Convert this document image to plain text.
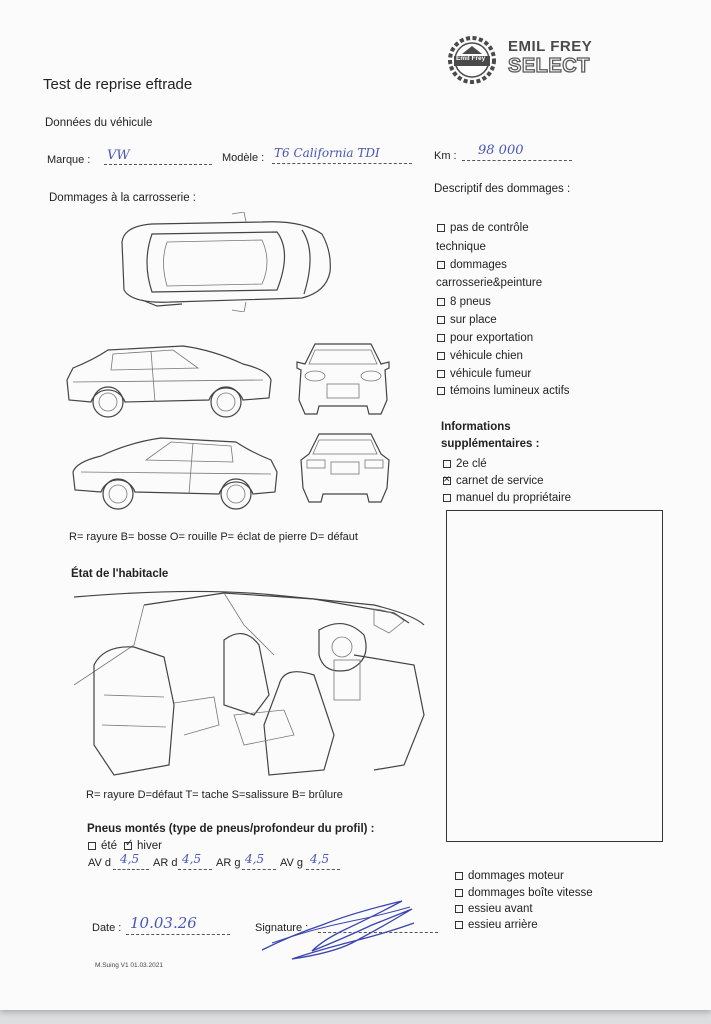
Emil Frey
EMIL FREY
SELECT
Test de reprise eftrade
Données du véhicule
Marque : VW	Modèle : T6 California TDI	Km : 98 000
Dommages à la carrosserie :
R= rayure B= bosse O= rouille P= éclat de pierre D= défaut
Descriptif des dommages :
pas de contrôle
technique
dommages
carrosserie&peinture
8 pneus
sur place
pour exportation
véhicule chien
véhicule fumeur
témoins lumineux actifs
Informations
supplémentaires :
2e clé
✕carnet de service
manuel du propriétaire
État de l'habitacle
R= rayure D=défaut T= tache S=salissure B= brûlure
Pneus montés (type de pneus/profondeur du profil) :
été
✓	hiver
AV d 4,5 AR d 4,5 AR g 4,5 AV g 4,5
dommages moteur
dommages boîte vitesse
essieu avant
essieu arrière
Date : 10.03.26	Signature :
M.Suing V1 01.03.2021
